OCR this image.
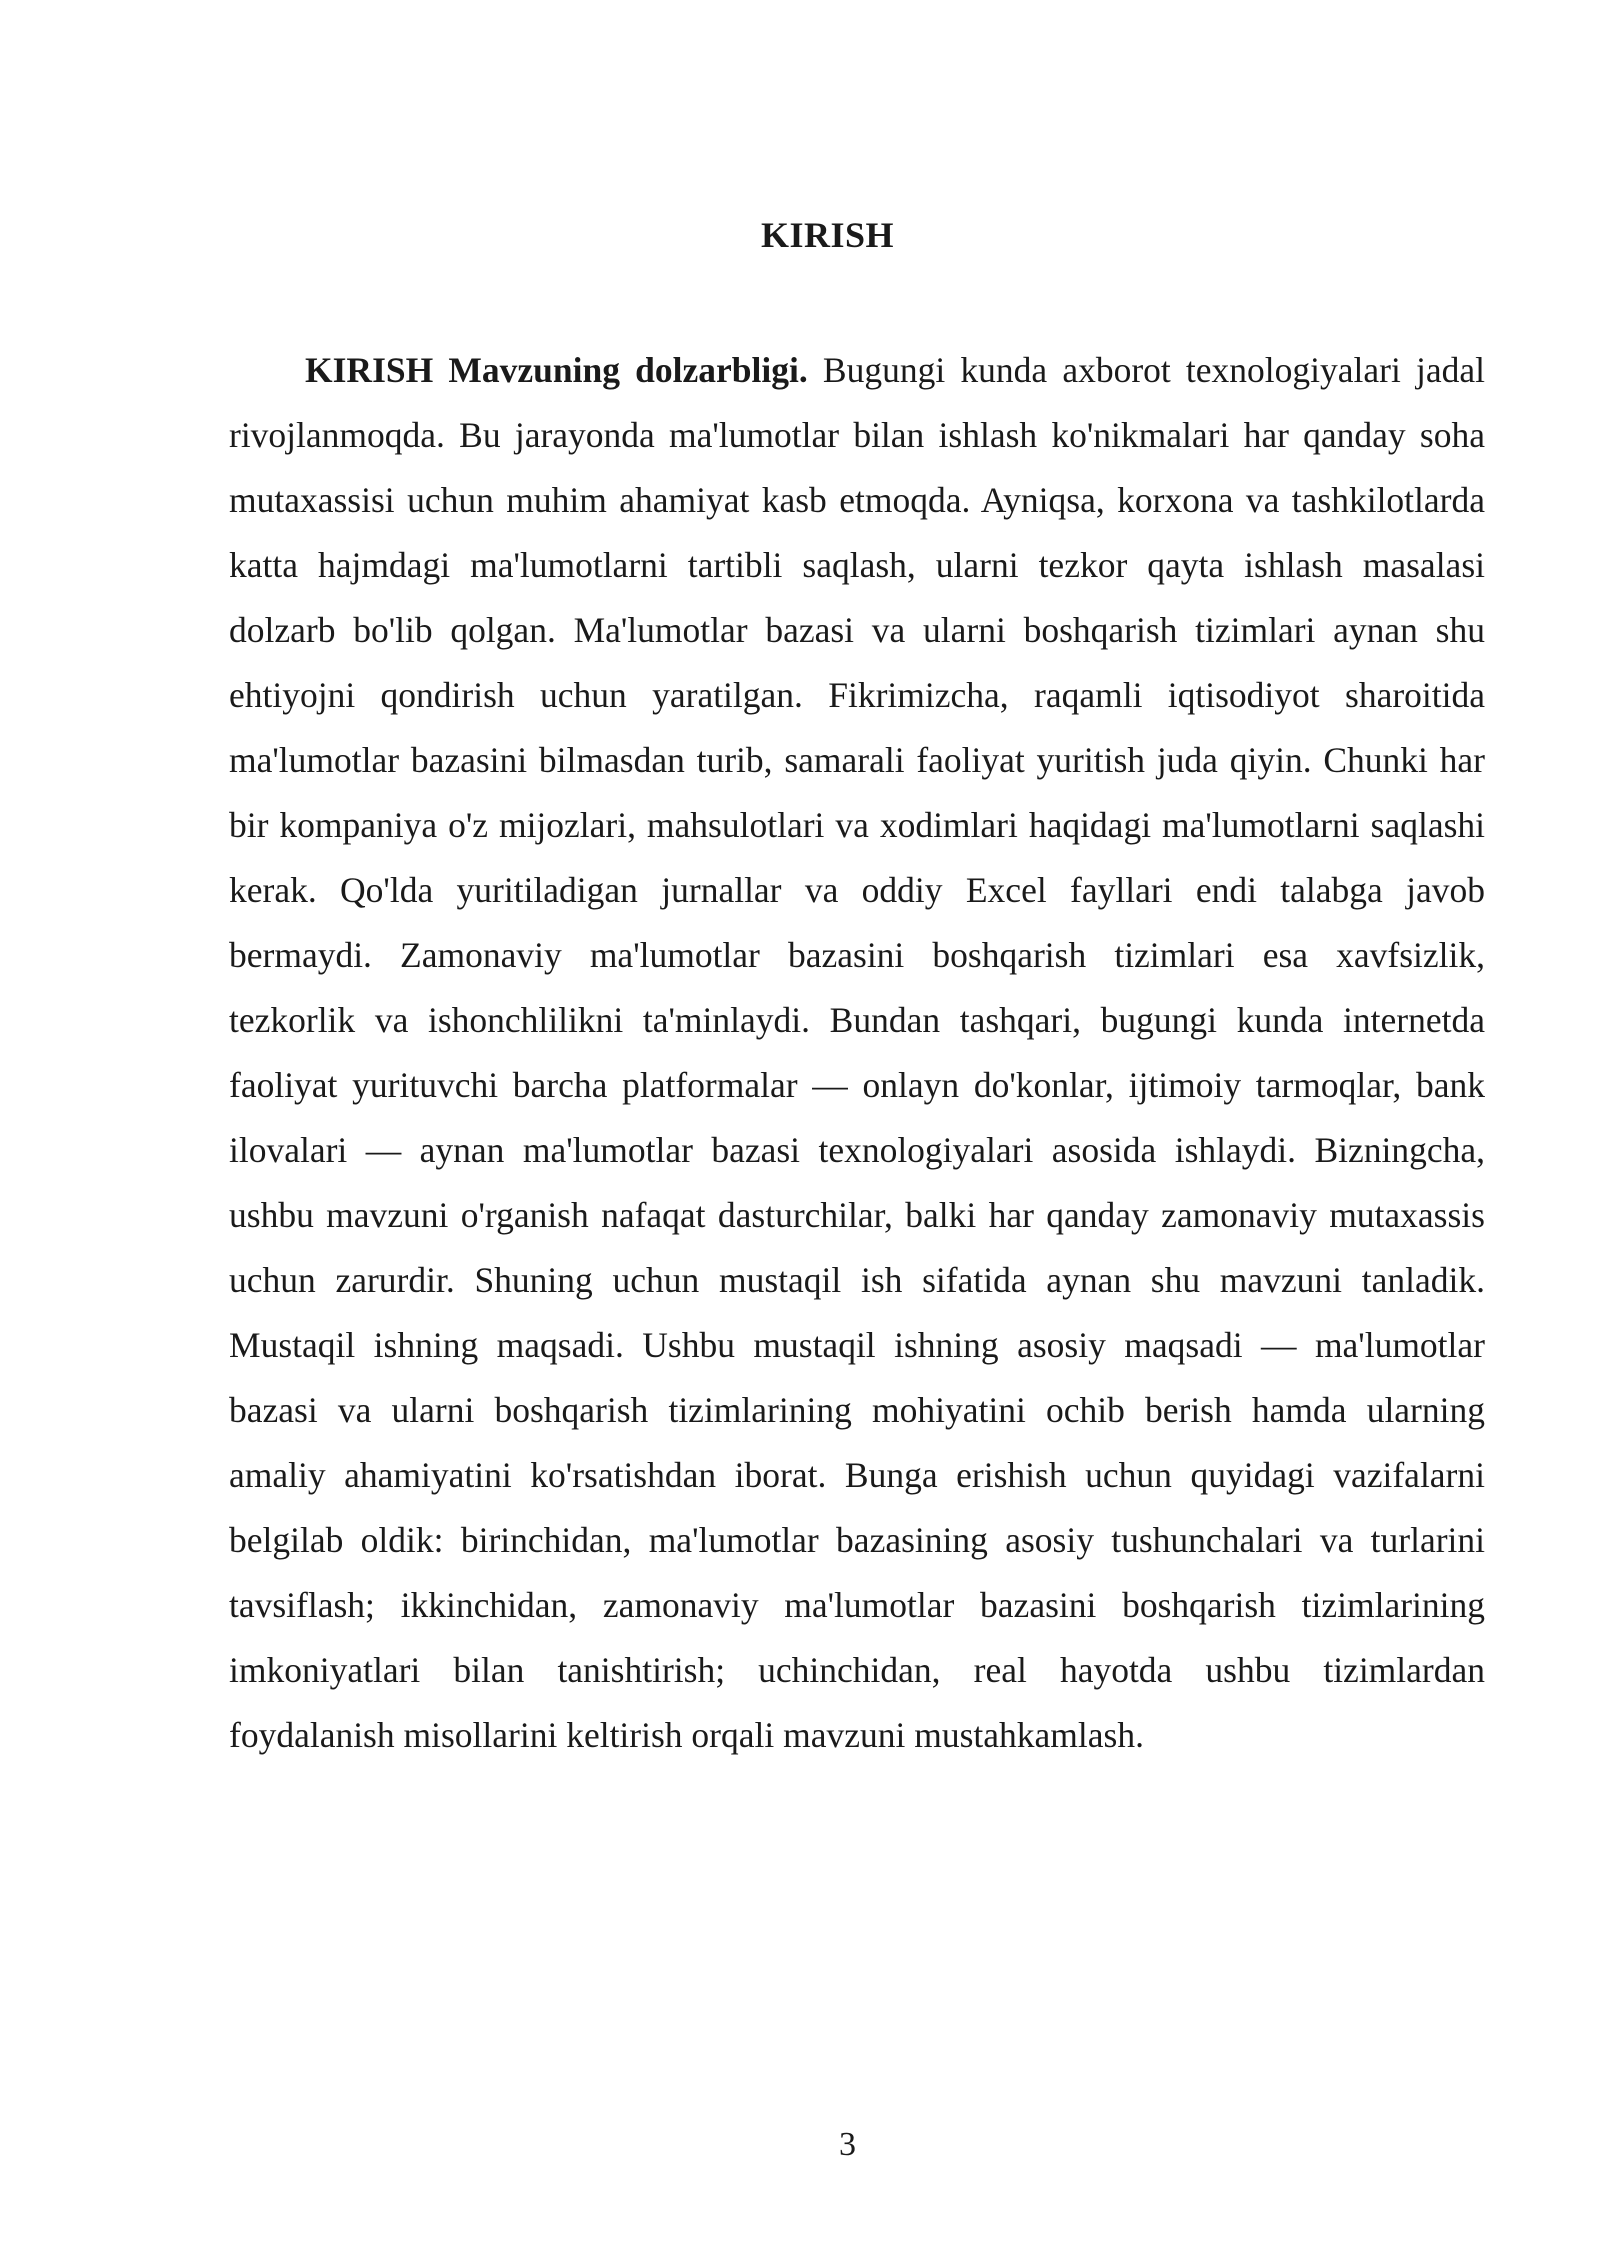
KIRISH

KIRISH Mavzuning dolzarbligi. Bugungi kunda axborot texnologiyalari jadal rivojlanmoqda. Bu jarayonda ma'lumotlar bilan ishlash ko'nikmalari har qanday soha mutaxassisi uchun muhim ahamiyat kasb etmoqda. Ayniqsa, korxona va tashkilotlarda katta hajmdagi ma'lumotlarni tartibli saqlash, ularni tezkor qayta ishlash masalasi dolzarb bo'lib qolgan. Ma'lumotlar bazasi va ularni boshqarish tizimlari aynan shu ehtiyojni qondirish uchun yaratilgan. Fikrimizcha, raqamli iqtisodiyot sharoitida ma'lumotlar bazasini bilmasdan turib, samarali faoliyat yuritish juda qiyin. Chunki har bir kompaniya o'z mijozlari, mahsulotlari va xodimlari haqidagi ma'lumotlarni saqlashi kerak. Qo'lda yuritiladigan jurnallar va oddiy Excel fayllari endi talabga javob bermaydi. Zamonaviy ma'lumotlar bazasini boshqarish tizimlari esa xavfsizlik, tezkorlik va ishonchlilikni ta'minlaydi. Bundan tashqari, bugungi kunda internetda faoliyat yurituvchi barcha platformalar — onlayn do'konlar, ijtimoiy tarmoqlar, bank ilovalari — aynan ma'lumotlar bazasi texnologiyalari asosida ishlaydi. Bizningcha, ushbu mavzuni o'rganish nafaqat dasturchilar, balki har qanday zamonaviy mutaxassis uchun zarurdir. Shuning uchun mustaqil ish sifatida aynan shu mavzuni tanladik. Mustaqil ishning maqsadi. Ushbu mustaqil ishning asosiy maqsadi — ma'lumotlar bazasi va ularni boshqarish tizimlarining mohiyatini ochib berish hamda ularning amaliy ahamiyatini ko'rsatishdan iborat. Bunga erishish uchun quyidagi vazifalarni belgilab oldik: birinchidan, ma'lumotlar bazasining asosiy tushunchalari va turlarini tavsiflash; ikkinchidan, zamonaviy ma'lumotlar bazasini boshqarish tizimlarining imkoniyatlari bilan tanishtirish; uchinchidan, real hayotda ushbu tizimlardan foydalanish misollarini keltirish orqali mavzuni mustahkamlash.

3
